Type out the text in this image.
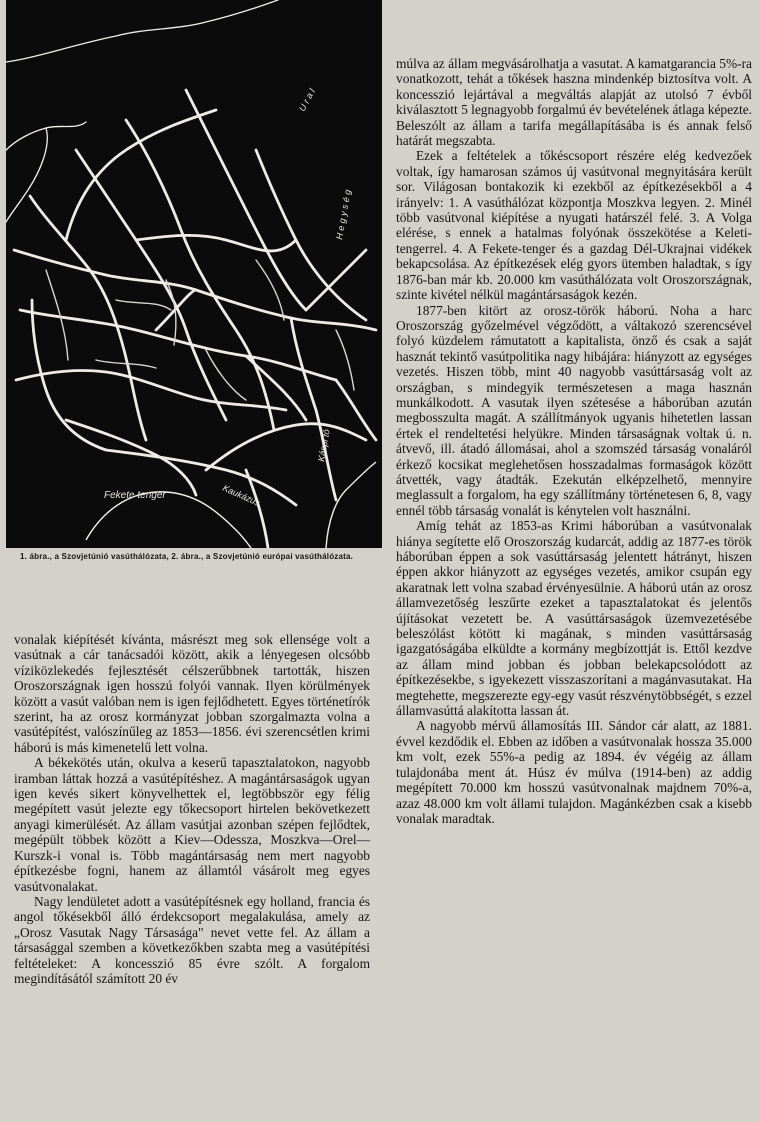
Fekete tenger	Kaukázus
Káspi tó
U r a l
H e g y s é g
1. ábra., a Szovjetúnió vasúthálózata, 2. ábra., a Szovjetúnió európai vasúthálózata.

vonalak kiépítését kívánta, másrészt meg sok ellensége volt a vasútnak a cár tanácsadói között, akik a lényegesen olcsóbb víziközlekedés fejlesztését célszerűbbnek tartották, hiszen Oroszországnak igen hosszú folyói vannak. Ilyen körülmények között a vasút valóban nem is igen fejlődhetett. Egyes történetírók szerint, ha az orosz kormányzat jobban szorgalmazta volna a vasútépítést, valószínűleg az 1853—1856. évi szerencsétlen krimi háború is más kimenetelű lett volna.

A békekötés után, okulva a keserű tapasztalatokon, nagyobb iramban láttak hozzá a vasútépítéshez. A magántársaságok ugyan igen kevés sikert könyvelhettek el, legtöbbször egy félig megépített vasút jelezte egy tőkecsoport hirtelen bekövetkezett anyagi kimerülését. Az állam vasútjai azonban szépen fejlődtek, megépült többek között a Kiev—Odessza, Moszkva—Orel—Kurszk-i vonal is. Több magántársaság nem mert nagyobb építkezésbe fogni, hanem az államtól vásárolt meg egyes vasútvonalakat.

Nagy lendületet adott a vasútépítésnek egy holland, francia és angol tőkésekből álló érdekcsoport megalakulása, amely az „Orosz Vasutak Nagy Társasága" nevet vette fel. Az állam a társasággal szemben a következőkben szabta meg a vasútépítési feltételeket: A koncesszió 85 évre szólt. A forgalom megindításától számított 20 év

múlva az állam megvásárolhatja a vasutat. A kamatgarancia 5%-ra vonatkozott, tehát a tőkések haszna mindenkép biztosítva volt. A koncesszió lejártával a megváltás alapját az utolsó 7 évből kiválasztott 5 legnagyobb forgalmú év bevételének átlaga képezte. Beleszólt az állam a tarifa megállapításába is és annak felső határát megszabta.

Ezek a feltételek a tőkéscsoport részére elég kedvezőek voltak, így hamarosan számos új vasútvonal megnyitására került sor. Világosan bontakozik ki ezekből az építkezésekből a 4 irányelv: 1. A vasúthálózat központja Moszkva legyen. 2. Minél több vasútvonal kiépítése a nyugati határszél felé. 3. A Volga elérése, s ennek a hatalmas folyónak összekötése a Keleti-tengerrel. 4. A Fekete-tenger és a gazdag Dél-Ukrajnai vidékek bekapcsolása. Az építkezések elég gyors ütemben haladtak, s így 1876-ban már kb. 20.000 km vasúthálózata volt Oroszországnak, szinte kivétel nélkül magántársaságok kezén.

1877-ben kitört az orosz-török háború. Noha a harc Oroszország győzelmével végződött, a váltakozó szerencsével folyó küzdelem rámutatott a kapitalista, önző és csak a saját hasznát tekintő vasútpolitika nagy hibájára: hiányzott az egységes vezetés. Hiszen több, mint 40 nagyobb vasúttársaság volt az országban, s mindegyik természetesen a maga hasznán munkálkodott. A vasutak ilyen szétesése a háborúban azután megbosszulta magát. A szállítmányok ugyanis hihetetlen lassan értek el rendeltetési helyükre. Minden társaságnak voltak ú. n. átvevő, ill. átadó állomásai, ahol a szomszéd társaság vonaláról érkező kocsikat meglehetősen hosszadalmas formaságok között átvették, vagy átadták. Ezekután elképzelhető, mennyire meglassult a forgalom, ha egy szállítmány történetesen 6, 8, vagy ennél több társaság vonalát is kénytelen volt használni.

Amíg tehát az 1853-as Krimi háborúban a vasútvonalak hiánya segítette elő Oroszország kudarcát, addig az 1877-es török háborúban éppen a sok vasúttársaság jelentett hátrányt, hiszen éppen akkor hiányzott az egységes vezetés, amikor csupán egy akaratnak lett volna szabad érvényesülnie. A háború után az orosz államvezetőség leszűrte ezeket a tapasztalatokat és jelentős újításokat vezetett be. A vasúttársaságok üzemvezetésébe beleszólást kötött ki magának, s minden vasúttársaság igazgatóságába elküldte a kormány megbízottját is. Ettől kezdve az állam mind jobban és jobban belekapcsolódott az építkezésekbe, s igyekezett visszaszorítani a magánvasutakat. Ha megtehette, megszerezte egy-egy vasút részvénytöbbségét, s ezzel államvasúttá alakította lassan át.

A nagyobb mérvű államosítás III. Sándor cár alatt, az 1881. évvel kezdődik el. Ebben az időben a vasútvonalak hossza 35.000 km volt, ezek 55%-a pedig az 1894. év végéig az állam tulajdonába ment át. Húsz év múlva (1914-ben) az addig megépített 70.000 km hosszú vasútvonalnak majdnem 70%-a, azaz 48.000 km volt állami tulajdon. Magánkézben csak a kisebb vonalak maradtak.
